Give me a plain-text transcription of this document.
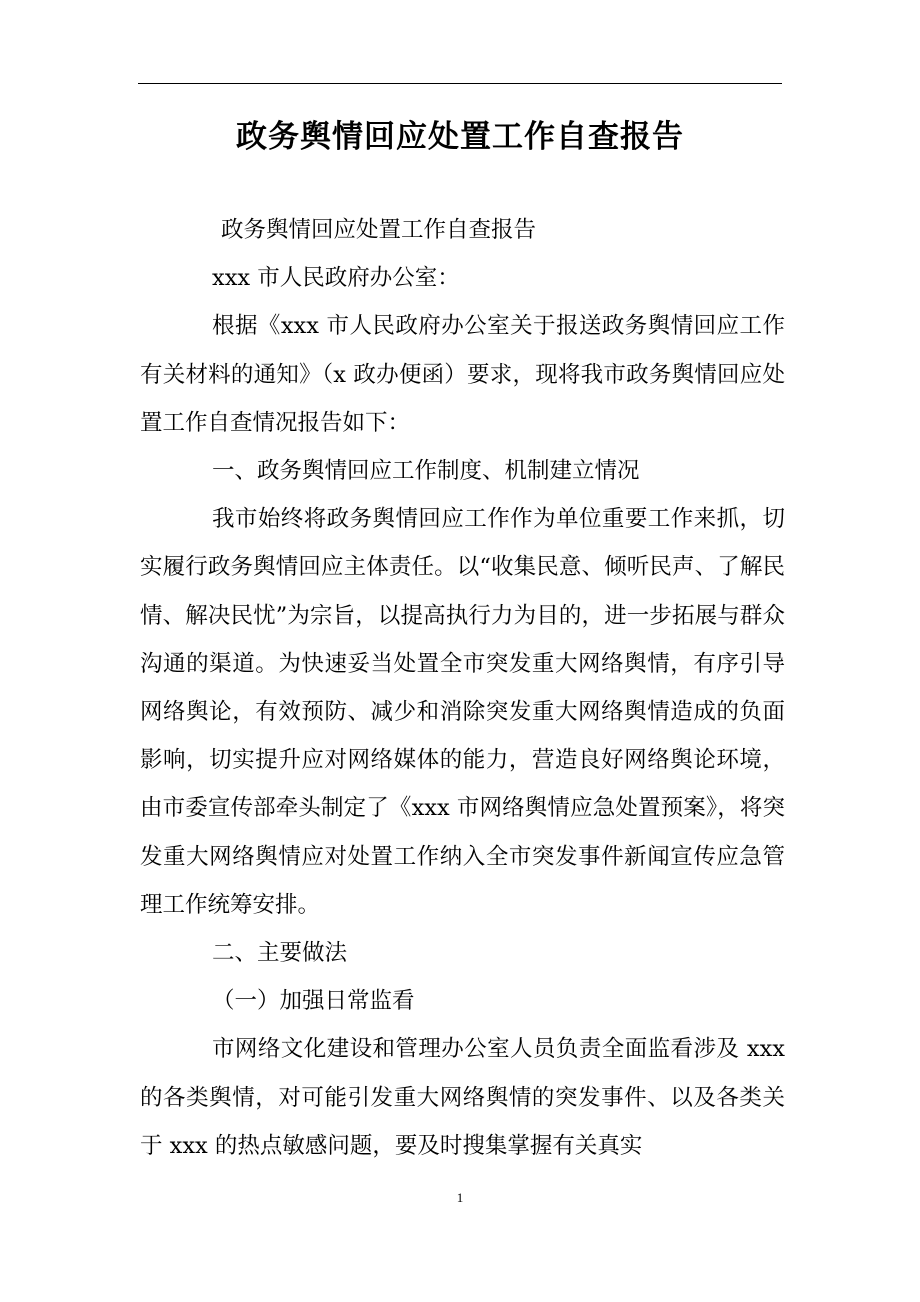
政务舆情回应处置工作自查报告

政务舆情回应处置工作自查报告

xxx 市人民政府办公室：

根据《xxx 市人民政府办公室关于报送政务舆情回应工作有关材料的通知》（x 政办便函）要求，现将我市政务舆情回应处置工作自查情况报告如下：

一、政务舆情回应工作制度、机制建立情况

我市始终将政务舆情回应工作作为单位重要工作来抓，切实履行政务舆情回应主体责任。以“收集民意、倾听民声、了解民情、解决民忧”为宗旨，以提高执行力为目的，进一步拓展与群众沟通的渠道。为快速妥当处置全市突发重大网络舆情，有序引导网络舆论，有效预防、减少和消除突发重大网络舆情造成的负面影响，切实提升应对网络媒体的能力，营造良好网络舆论环境，由市委宣传部牵头制定了《xxx 市网络舆情应急处置预案》，将突发重大网络舆情应对处置工作纳入全市突发事件新闻宣传应急管理工作统筹安排。

二、主要做法

（一）加强日常监看

市网络文化建设和管理办公室人员负责全面监看涉及 xxx 的各类舆情，对可能引发重大网络舆情的突发事件、以及各类关于 xxx 的热点敏感问题，要及时搜集掌握有关真实

1
